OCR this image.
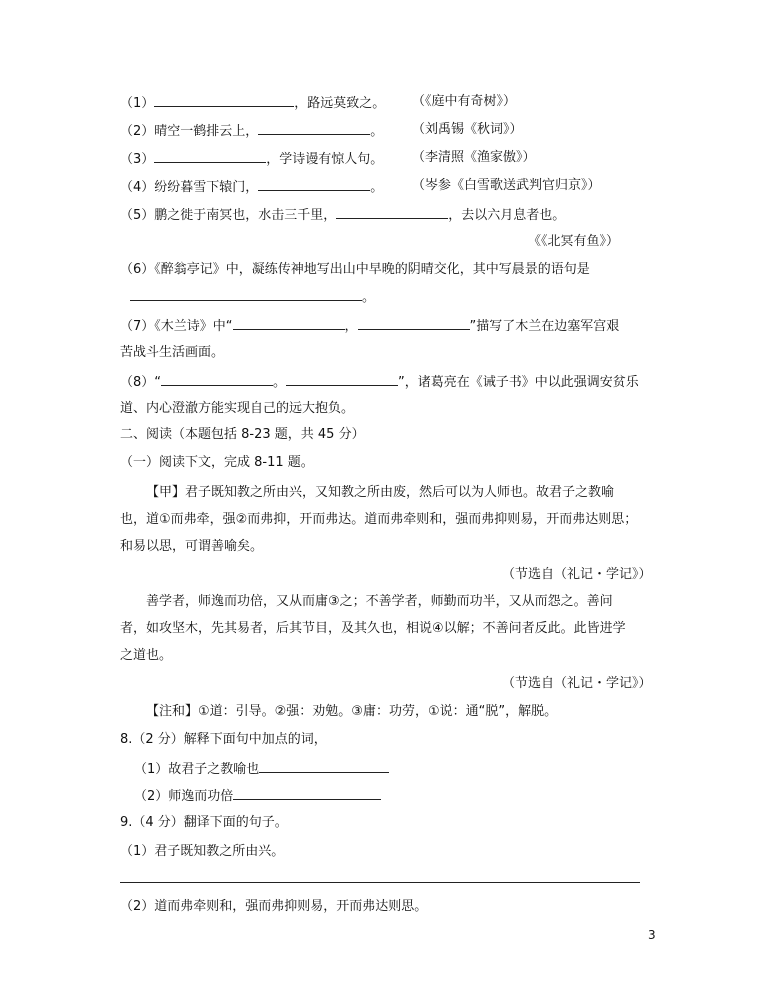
（1）	，路远莫致之。 （《庭中有奇树》）
（2）晴空一鹤排云上，	。 （刘禹锡《秋词》）
（3）	，学诗谩有惊人句。 （李清照《渔家傲》）
（4）纷纷暮雪下辕门，	。 （岑参《白雪歌送武判官归京》）
（5）鹏之徙于南冥也，水击三千里，	，去以六月息者也。
《《北冥有鱼》）
（6）《醉翁亭记》中，凝练传神地写出山中早晚的阴晴交化，其中写晨景的语句是
。
（7）《木兰诗》中“	，	”描写了木兰在边塞军宫艰
苦战斗生活画面。
（8）“	。	”，诸葛亮在《诫子书》中以此强调安贫乐
道、内心澄澈方能实现自己的远大抱负。
二、阅读（本题包括 8-23 题，共 45 分）
（一）阅读下文，完成 8-11 题。
【甲】君子既知教之所由兴，又知教之所由废，然后可以为人师也。故君子之教喻
也，道①而弗牵，强②而弗抑，开而弗达。道而弗牵则和，强而弗抑则易，开而弗达则思；
和易以思，可谓善喻矣。
（节选自（礼记・学记》）
善学者，师逸而功倍，又从而庸③之；不善学者，师勤而功半，又从而怨之。善问
者，如攻坚木，先其易者，后其节目，及其久也，相说④以解；不善问者反此。此皆进学
之道也。
（节选自（礼记・学记》）
【注和】①道：引导。②强：劝勉。③庸：功劳，①说：通“脱”，解脱。
8.（2 分）解释下面句中加点的词，
（1）故君子之教喻也
（2）师逸而功倍
9.（4 分）翻译下面的句子。
（1）君子既知教之所由兴。
（2）道而弗牵则和，强而弗抑则易，开而弗达则思。
3
